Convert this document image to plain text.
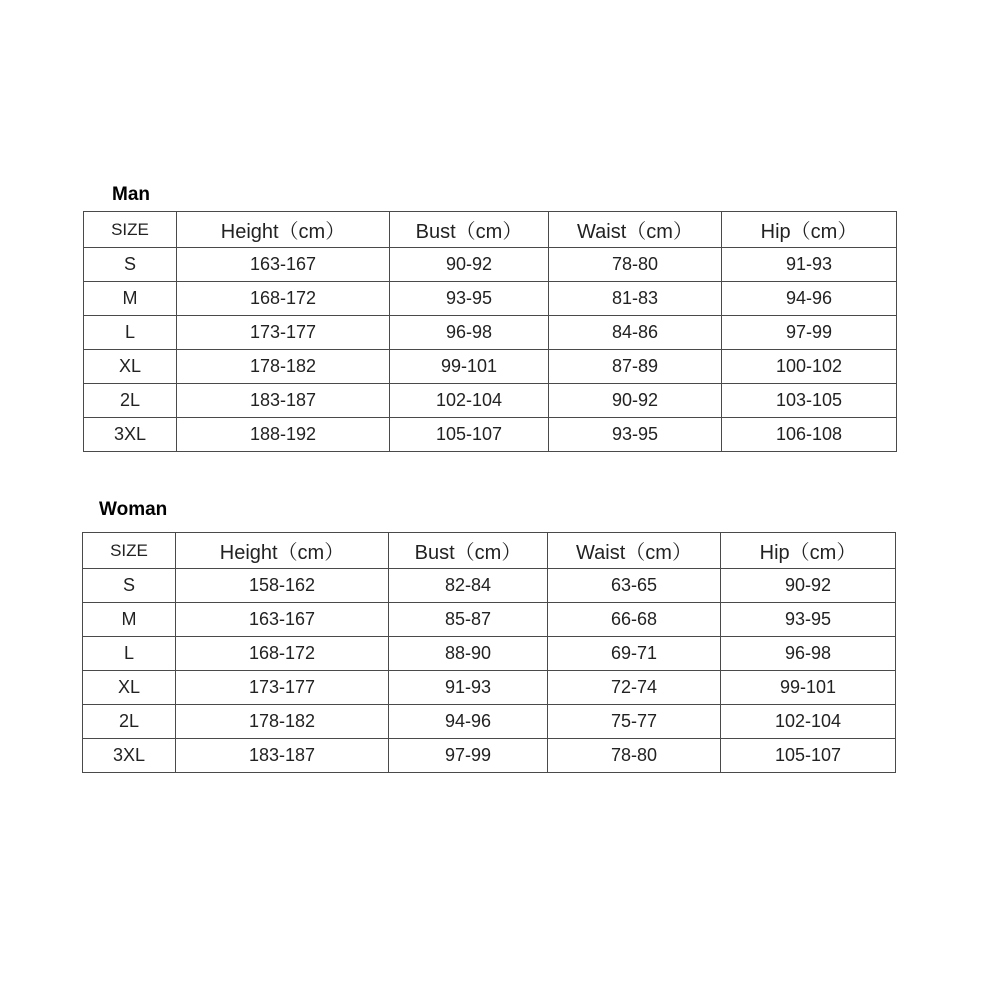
Man
SIZE	Height（cm）	Bust（cm）	Waist（cm）	Hip（cm）
S	163-167	90-92	78-80	91-93
M	168-172	93-95	81-83	94-96
L	173-177	96-98	84-86	97-99
XL	178-182	99-101	87-89	100-102
2L	183-187	102-104	90-92	103-105
3XL	188-192	105-107	93-95	106-108
Woman
SIZE	Height（cm）	Bust（cm）	Waist（cm）	Hip（cm）
S	158-162	82-84	63-65	90-92
M	163-167	85-87	66-68	93-95
L	168-172	88-90	69-71	96-98
XL	173-177	91-93	72-74	99-101
2L	178-182	94-96	75-77	102-104
3XL	183-187	97-99	78-80	105-107
